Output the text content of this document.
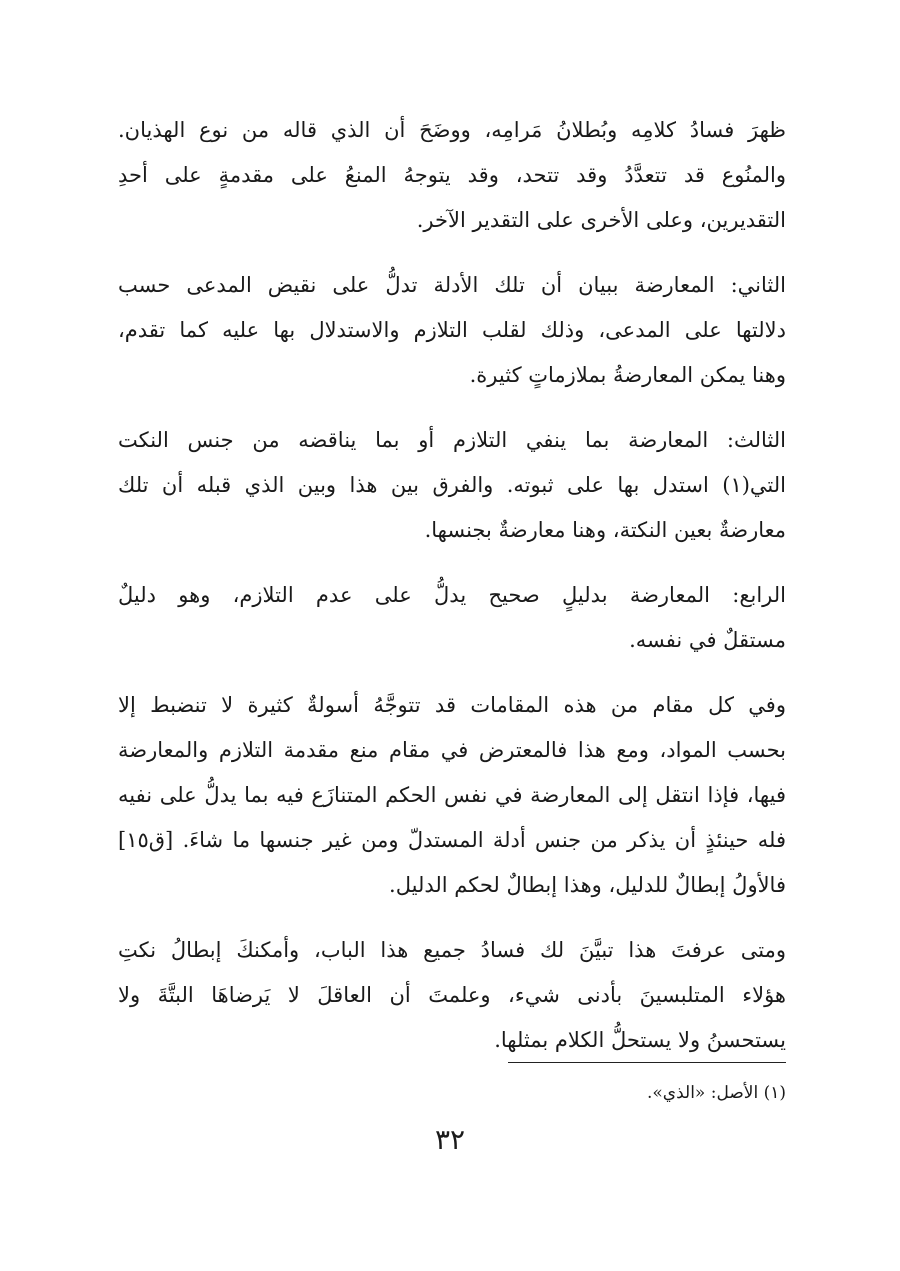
ظهرَ فسادُ كلامِه وبُطلانُ مَرامِه، ووضَحَ أن الذي قاله من نوع الهذيان.
والمنُوع قد تتعدَّدُ وقد تتحد، وقد يتوجهُ المنعُ على مقدمةٍ على أحدِ
التقديرين، وعلى الأخرى على التقدير الآخر.

الثاني: المعارضة ببيان أن تلك الأدلة تدلُّ على نقيض المدعى حسب
دلالتها على المدعى، وذلك لقلب التلازم والاستدلال بها عليه كما تقدم،
وهنا يمكن المعارضةُ بملازماتٍ كثيرة.

الثالث: المعارضة بما ينفي التلازم أو بما يناقضه من جنس النكت
التي(١) استدل بها على ثبوته. والفرق بين هذا وبين الذي قبله أن تلك
معارضةٌ بعين النكتة، وهنا معارضةٌ بجنسها.

الرابع: المعارضة بدليلٍ صحيح يدلُّ على عدم التلازم، وهو دليلٌ
مستقلٌ في نفسه.

وفي كل مقام من هذه المقامات قد تتوجَّهُ أسولةٌ كثيرة لا تنضبط إلا
بحسب المواد، ومع هذا فالمعترض في مقام منع مقدمة التلازم والمعارضة
فيها، فإذا انتقل إلى المعارضة في نفس الحكم المتنازَع فيه بما يدلُّ على نفيه
فله حينئذٍ أن يذكر من جنس أدلة المستدلّ ومن غير جنسها ما شاءَ. [ق١٥]
فالأولُ إبطالٌ للدليل، وهذا إبطالٌ لحكم الدليل.

ومتى عرفتَ هذا تبيَّنَ لك فسادُ جميع هذا الباب، وأمكنكَ إبطالُ نكتِ
هؤلاء المتلبسينَ بأدنى شيء، وعلمتَ أن العاقلَ لا يَرضاهَا البتَّةَ ولا
يستحسنُ ولا يستحلُّ الكلام بمثلها.

(١) الأصل: «الذي».
٣٢
